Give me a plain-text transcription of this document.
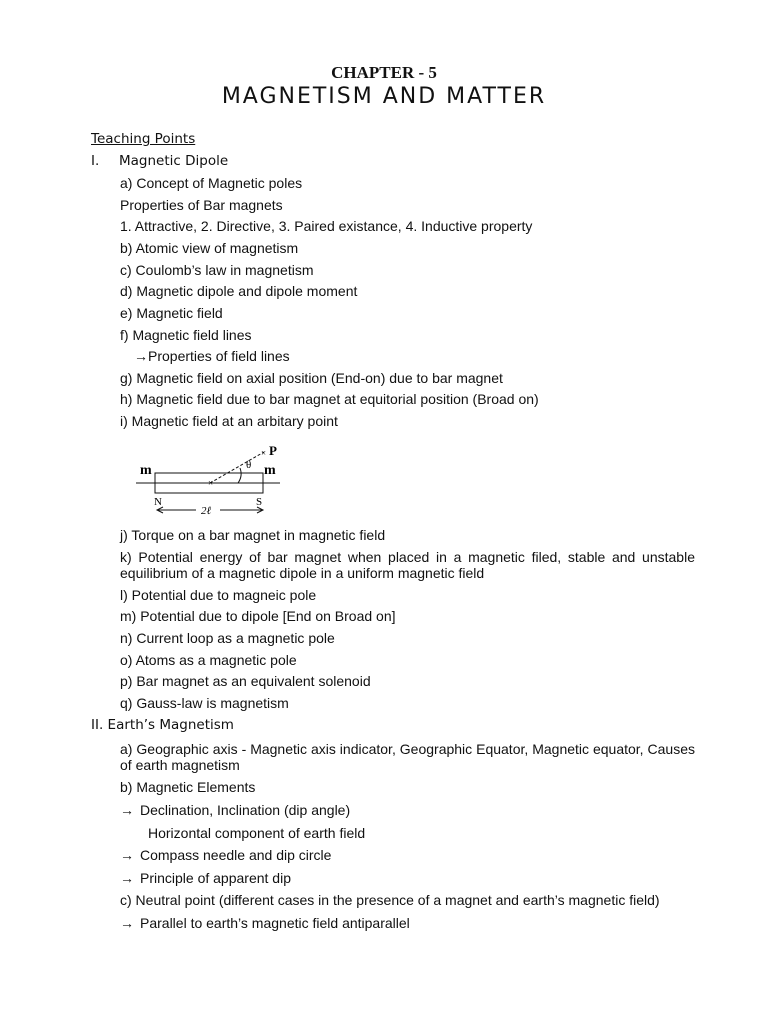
CHAPTER - 5
MAGNETISM AND MATTER
Teaching Points
I. Magnetic Dipole
a) Concept of Magnetic poles
Properties of Bar magnets
1. Attractive, 2. Directive, 3. Paired existance, 4. Inductive property
b) Atomic view of magnetism
c) Coulomb’s law in magnetism
d) Magnetic dipole and dipole moment
e) Magnetic field
f) Magnetic field lines
→Properties of field lines
g) Magnetic field on axial position (End-on) due to bar magnet
h) Magnetic field due to bar magnet at equitorial position (Broad on)
i) Magnetic field at an arbitary point
×
× P
θ
m	m
N	S
2ℓ
j) Torque on a bar magnet in magnetic field
k) Potential energy of bar magnet when placed in a magnetic filed, stable and unstable equilibrium of a magnetic dipole in a uniform magnetic field
l) Potential due to magneic pole
m) Potential due to dipole [End on Broad on]
n) Current loop as a magnetic pole
o) Atoms as a magnetic pole
p) Bar magnet as an equivalent solenoid
q) Gauss-law is magnetism
II. Earth’s Magnetism
a) Geographic axis - Magnetic axis indicator, Geographic Equator, Magnetic equator, Causes of earth magnetism
b) Magnetic Elements
→ Declination, Inclination (dip angle)
Horizontal component of earth field
→ Compass needle and dip circle
→ Principle of apparent dip
c) Neutral point (different cases in the presence of a magnet and earth’s magnetic field)
→ Parallel to earth’s magnetic field antiparallel
